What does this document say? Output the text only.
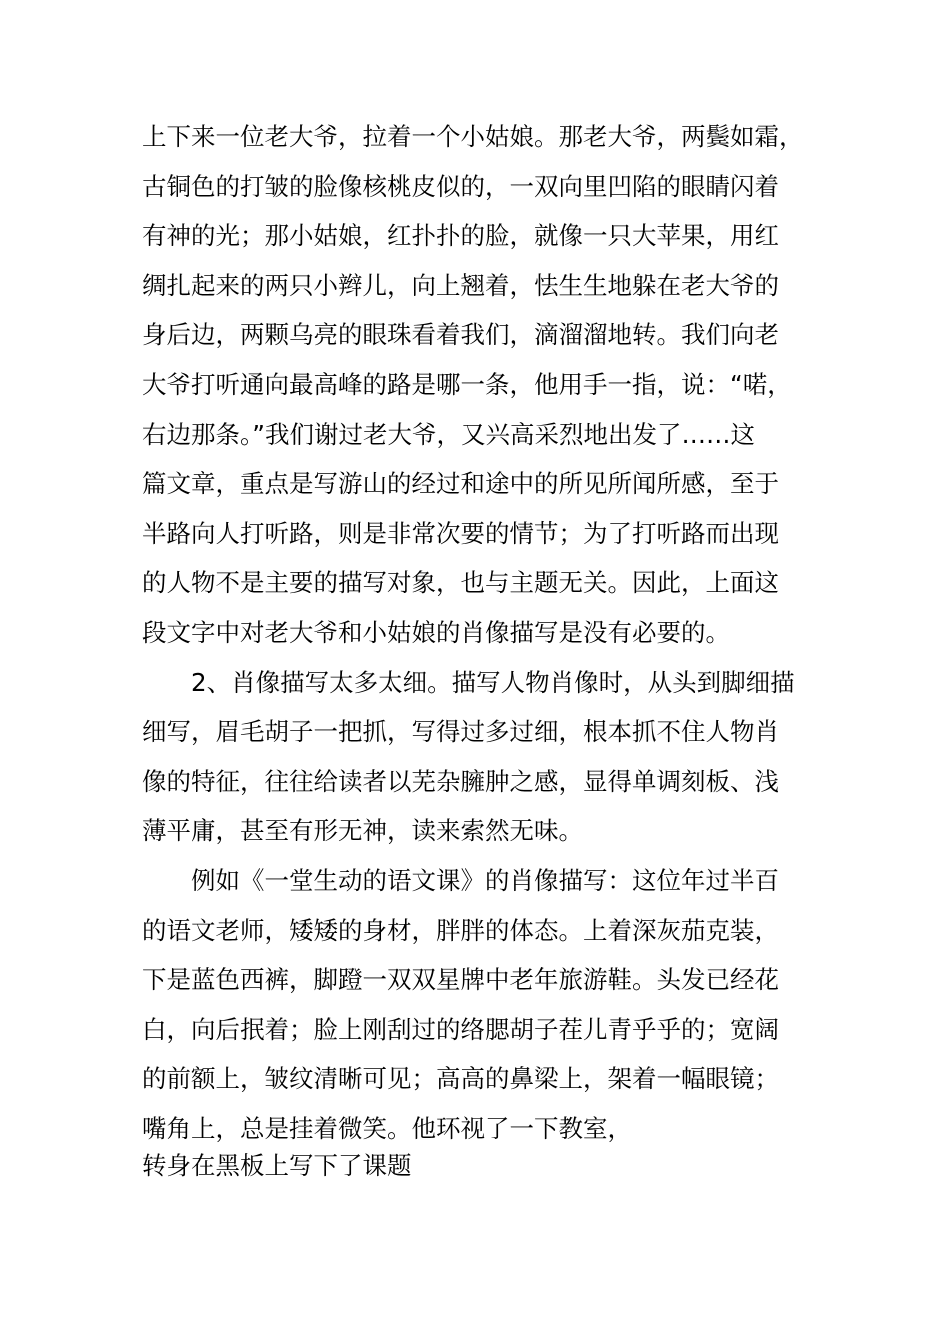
上下来一位老大爷，拉着一个小姑娘。那老大爷，两鬓如霜，
古铜色的打皱的脸像核桃皮似的，一双向里凹陷的眼睛闪着
有神的光；那小姑娘，红扑扑的脸，就像一只大苹果，用红
绸扎起来的两只小辫儿，向上翘着，怯生生地躲在老大爷的
身后边，两颗乌亮的眼珠看着我们，滴溜溜地转。我们向老
大爷打听通向最高峰的路是哪一条，他用手一指，说：“喏，
右边那条。”我们谢过老大爷，又兴高采烈地出发了……这
篇文章，重点是写游山的经过和途中的所见所闻所感，至于
半路向人打听路，则是非常次要的情节；为了打听路而出现
的人物不是主要的描写对象，也与主题无关。因此，上面这
段文字中对老大爷和小姑娘的肖像描写是没有必要的。
2、肖像描写太多太细。描写人物肖像时，从头到脚细描
细写，眉毛胡子一把抓，写得过多过细，根本抓不住人物肖
像的特征，往往给读者以芜杂臃肿之感，显得单调刻板、浅
薄平庸，甚至有形无神，读来索然无味。
例如《一堂生动的语文课》的肖像描写：这位年过半百
的语文老师，矮矮的身材，胖胖的体态。上着深灰茄克装，
下是蓝色西裤，脚蹬一双双星牌中老年旅游鞋。头发已经花
白，向后抿着；脸上刚刮过的络腮胡子茬儿青乎乎的；宽阔
的前额上，皱纹清晰可见；高高的鼻梁上，架着一幅眼镜；
嘴角上，总是挂着微笑。他环视了一下教室，
转身在黑板上写下了课题
